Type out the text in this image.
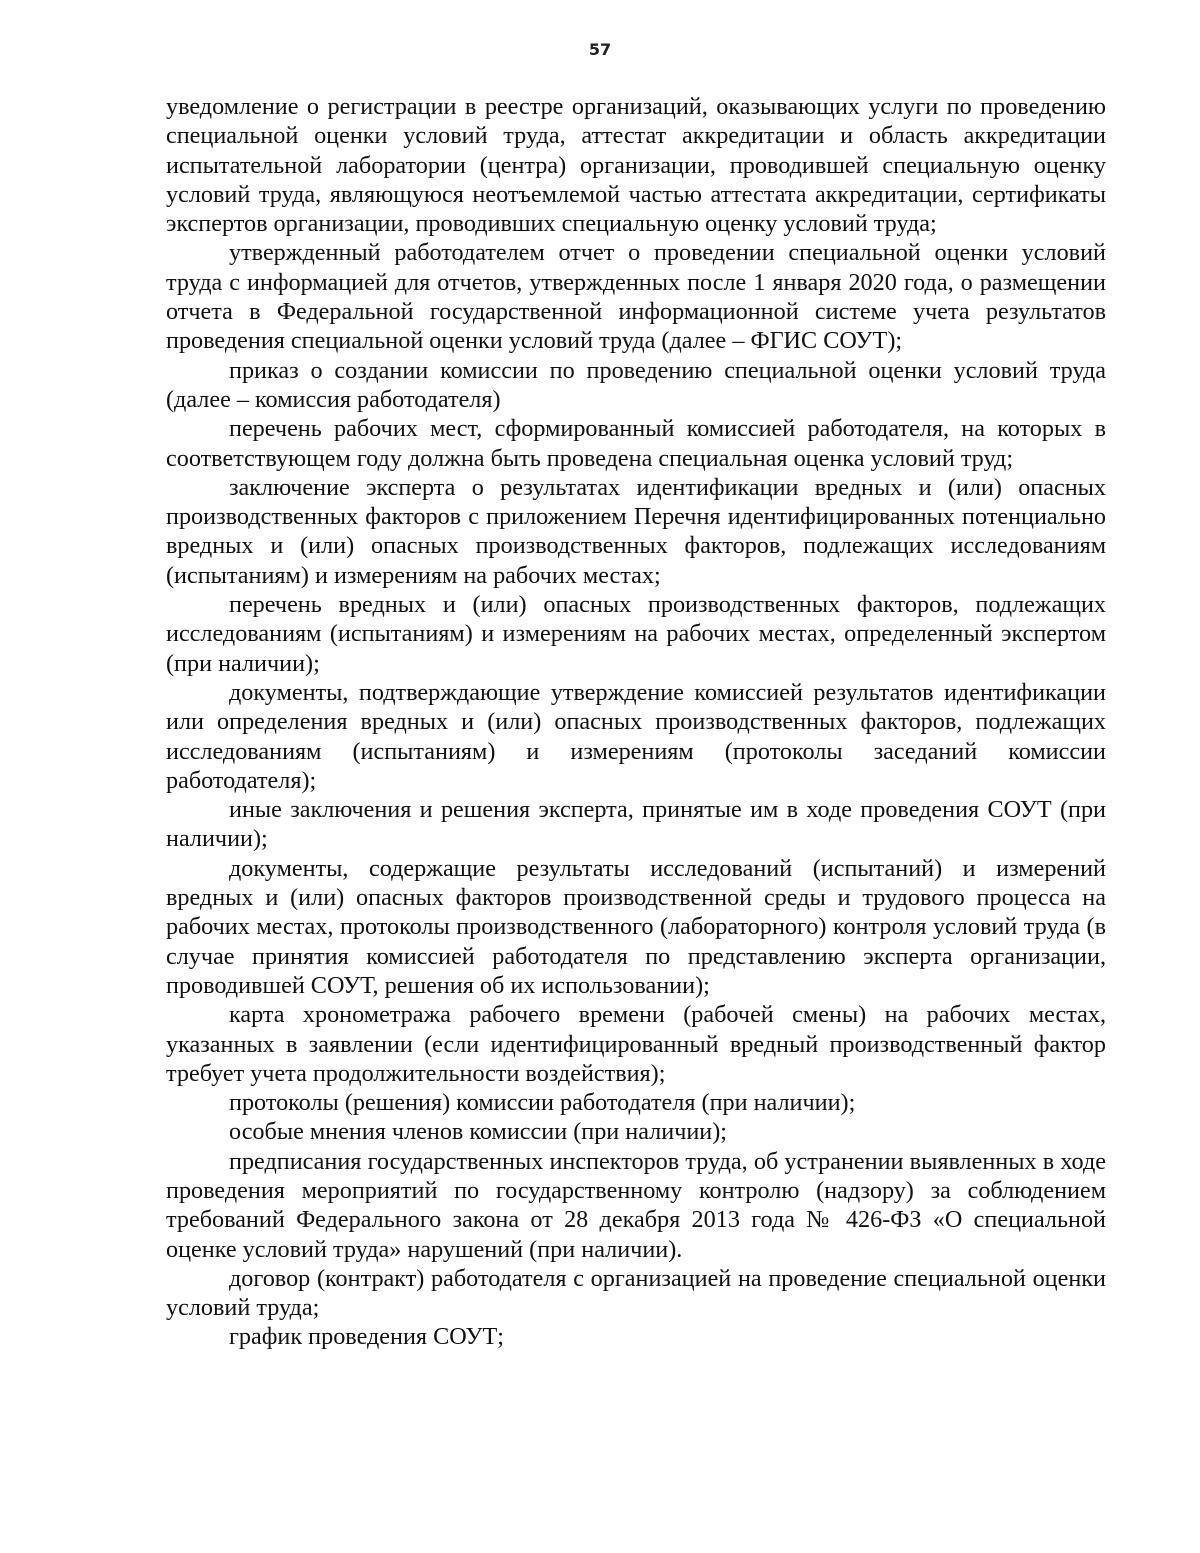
57

уведомление о регистрации в реестре организаций, оказывающих услуги по проведению специальной оценки условий труда, аттестат аккредитации и область аккредитации испытательной лаборатории (центра) организации, проводившей специальную оценку условий труда, являющуюся неотъемлемой частью аттестата аккредитации, сертификаты экспертов организации, проводивших специальную оценку условий труда;

утвержденный работодателем отчет о проведении специальной оценки условий труда с информацией для отчетов, утвержденных после 1 января 2020 года, о размещении отчета в Федеральной государственной информационной системе учета результатов проведения специальной оценки условий труда (далее – ФГИС СОУТ);

приказ о создании комиссии по проведению специальной оценки условий труда (далее – комиссия работодателя)

перечень рабочих мест, сформированный комиссией работодателя, на которых в соответствующем году должна быть проведена специальная оценка условий труд;

заключение эксперта о результатах идентификации вредных и (или) опасных производственных факторов с приложением Перечня идентифицированных потенциально вредных и (или) опасных производственных факторов, подлежащих исследованиям (испытаниям) и измерениям на рабочих местах;

перечень вредных и (или) опасных производственных факторов, подлежащих исследованиям (испытаниям) и измерениям на рабочих местах, определенный экспертом (при наличии);

документы, подтверждающие утверждение комиссией результатов идентификации или определения вредных и (или) опасных производственных факторов, подлежащих исследованиям (испытаниям) и измерениям (протоколы заседаний комиссии работодателя);

иные заключения и решения эксперта, принятые им в ходе проведения СОУТ (при наличии);

документы, содержащие результаты исследований (испытаний) и измерений вредных и (или) опасных факторов производственной среды и трудового процесса на рабочих местах, протоколы производственного (лабораторного) контроля условий труда (в случае принятия комиссией работодателя по представлению эксперта организации, проводившей СОУТ, решения об их использовании);

карта хронометража рабочего времени (рабочей смены) на рабочих местах, указанных в заявлении (если идентифицированный вредный производственный фактор требует учета продолжительности воздействия);

протоколы (решения) комиссии работодателя (при наличии);

особые мнения членов комиссии (при наличии);

предписания государственных инспекторов труда, об устранении выявленных в ходе проведения мероприятий по государственному контролю (надзору) за соблюдением требований Федерального закона от 28 декабря 2013 года № 426-ФЗ «О специальной оценке условий труда» нарушений (при наличии).

договор (контракт) работодателя с организацией на проведение специальной оценки условий труда;

график проведения СОУТ;
